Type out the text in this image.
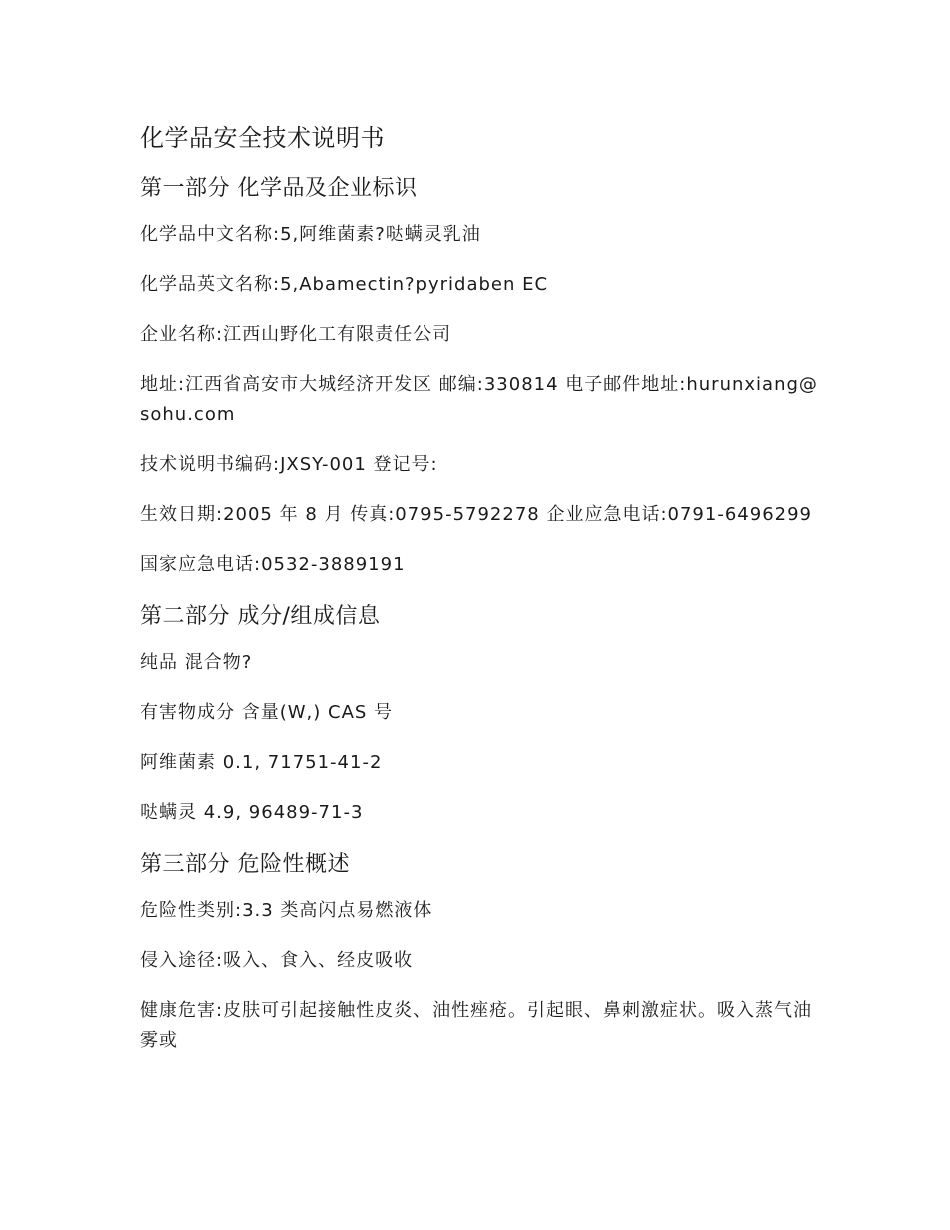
化学品安全技术说明书
第一部分 化学品及企业标识

化学品中文名称:5,阿维菌素?哒螨灵乳油

化学品英文名称:5,Abamectin?pyridaben EC

企业名称:江西山野化工有限责任公司

地址:江西省高安市大城经济开发区 邮编:330814 电子邮件地址:hurunxiang@sohu.com

技术说明书编码:JXSY-001 登记号:

生效日期:2005 年 8 月 传真:0795-5792278 企业应急电话:0791-6496299

国家应急电话:0532-3889191

第二部分 成分/组成信息

纯品 混合物?

有害物成分 含量(W,) CAS 号

阿维菌素 0.1, 71751-41-2

哒螨灵 4.9, 96489-71-3

第三部分 危险性概述

危险性类别:3.3 类高闪点易燃液体

侵入途径:吸入、食入、经皮吸收

健康危害:皮肤可引起接触性皮炎、油性痤疮。引起眼、鼻刺激症状。吸入蒸气油雾或
